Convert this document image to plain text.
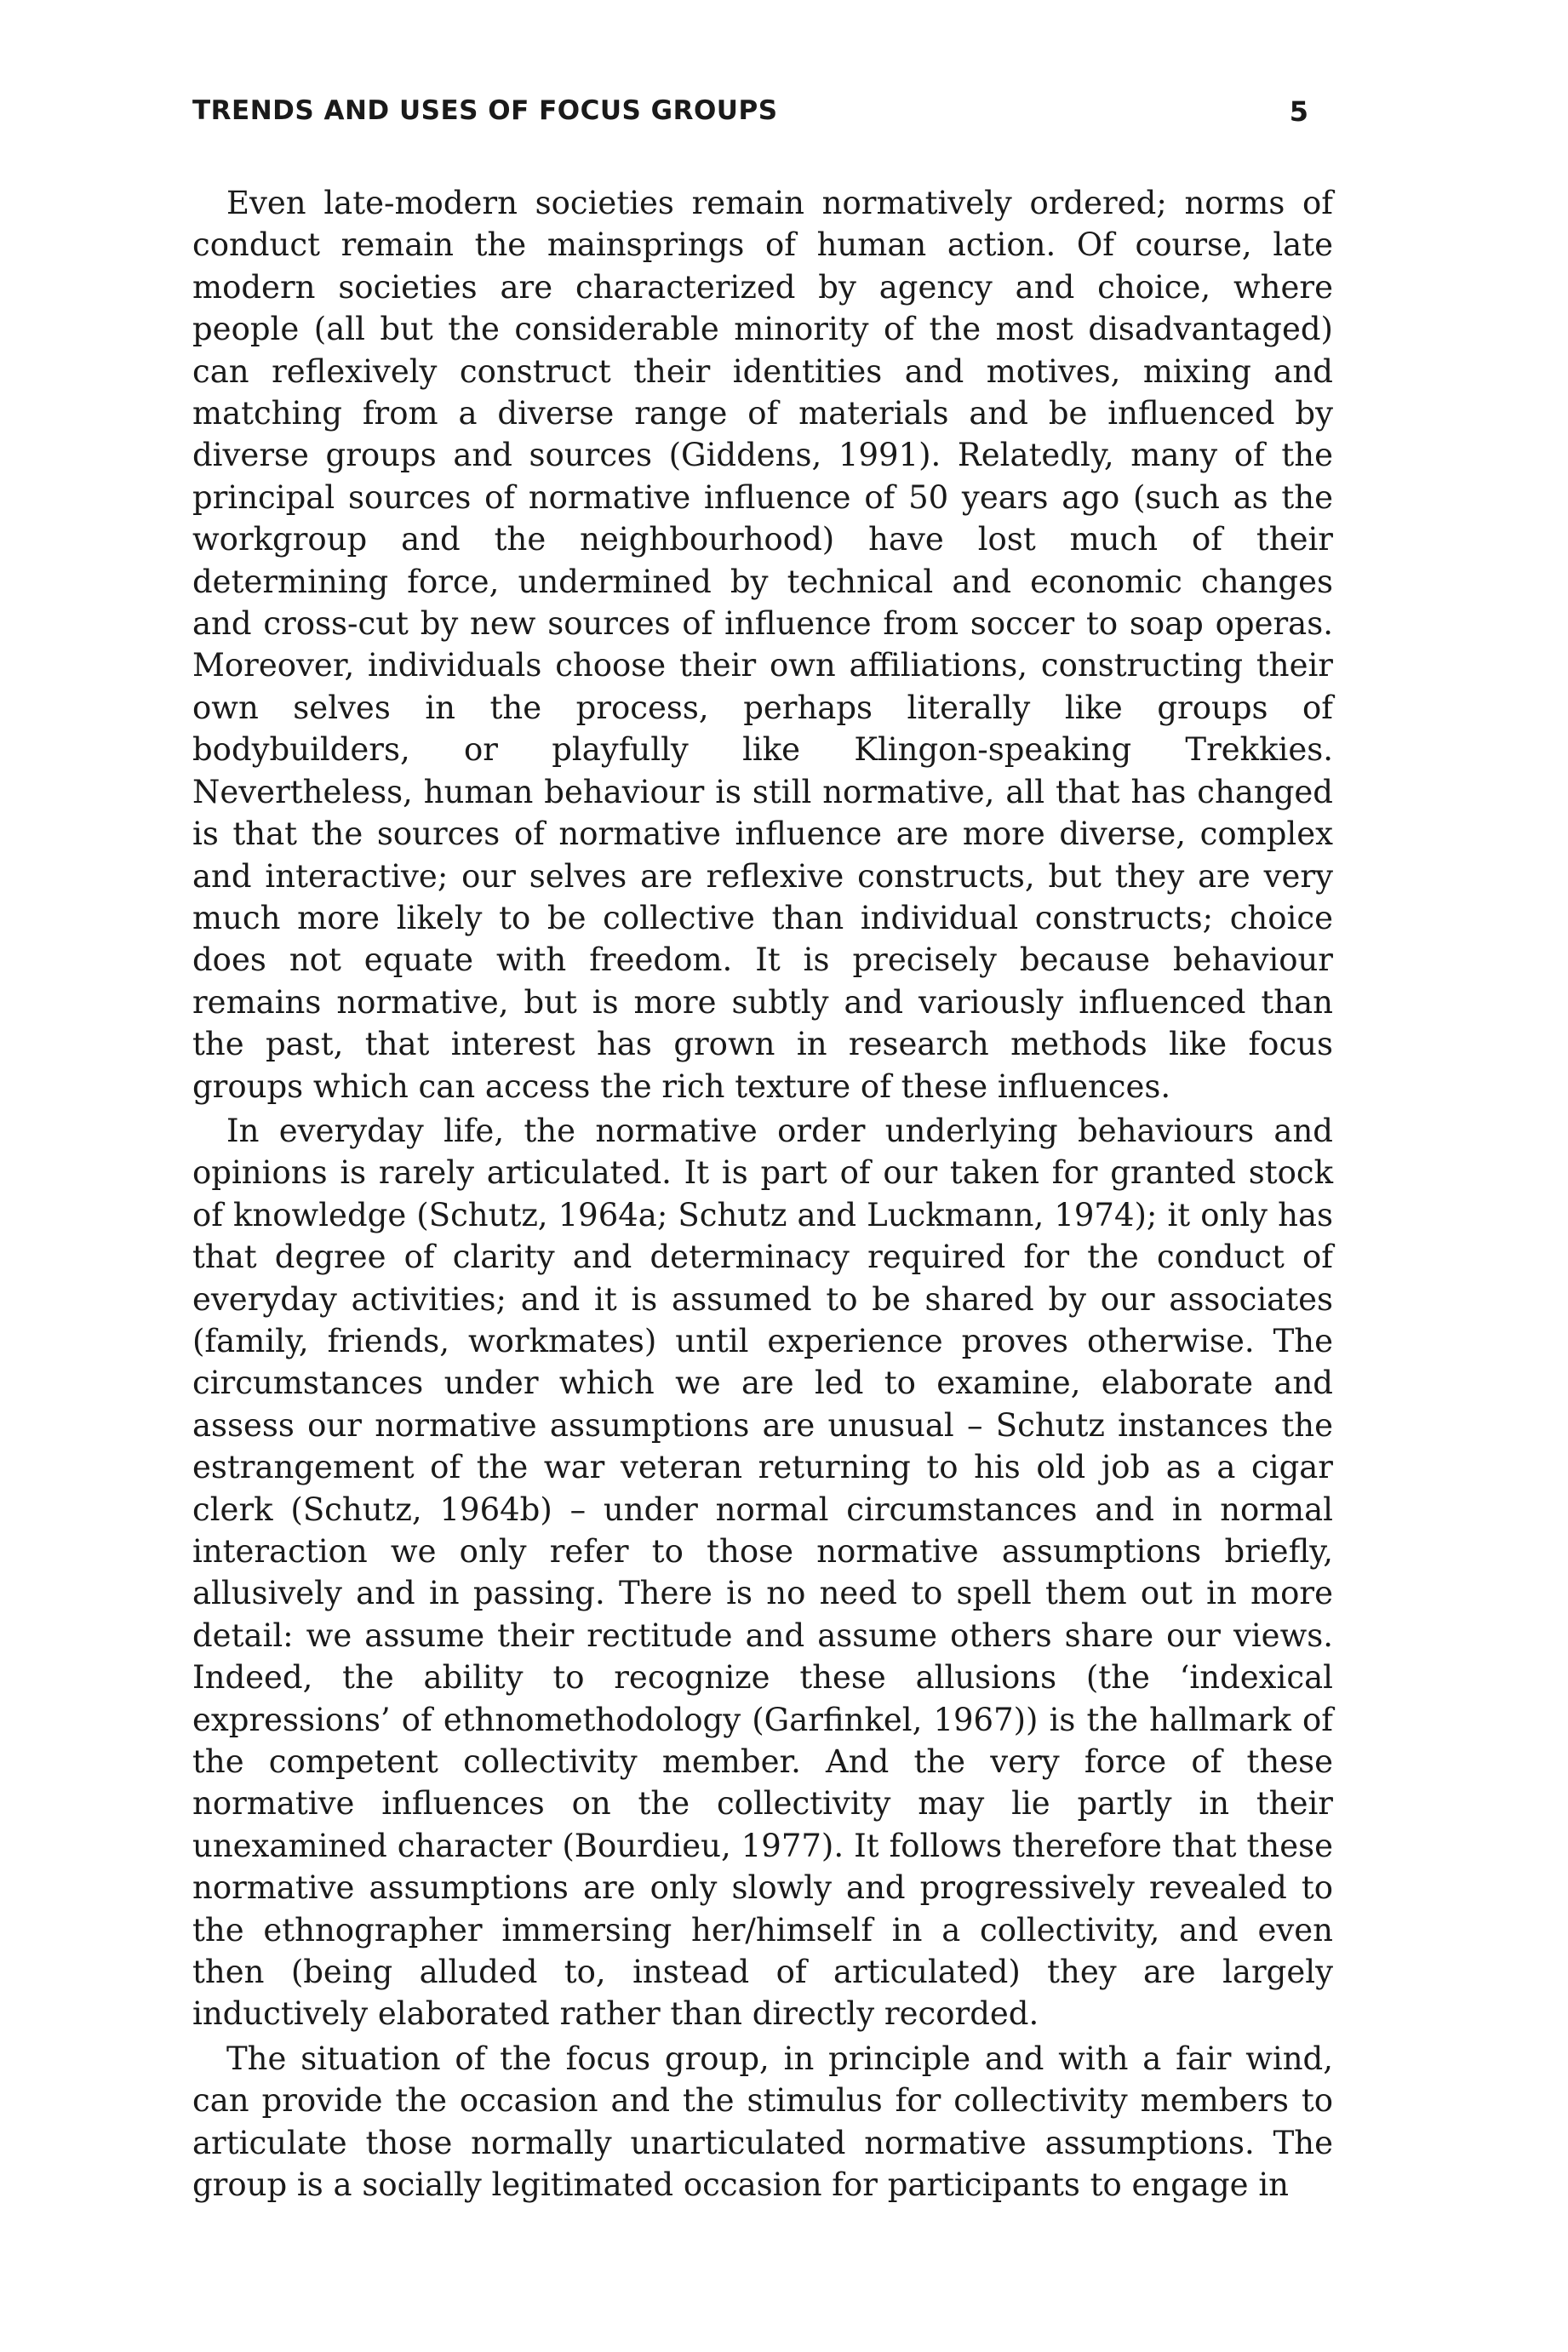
TRENDS AND USES OF FOCUS GROUPS	5

Even late-modern societies remain normatively ordered; norms of conduct remain the mainsprings of human action. Of course, late modern societies are characterized by agency and choice, where people (all but the considerable minority of the most disadvantaged) can reflexively construct their identities and motives, mixing and matching from a diverse range of materials and be influenced by diverse groups and sources (Giddens, 1991). Relatedly, many of the principal sources of normative influence of 50 years ago (such as the workgroup and the neighbourhood) have lost much of their determining force, undermined by technical and economic changes and cross-cut by new sources of influence from soccer to soap operas. Moreover, individuals choose their own affiliations, constructing their own selves in the process, perhaps literally like groups of bodybuilders, or playfully like Klingon-speaking Trekkies. Nevertheless, human behaviour is still normative, all that has changed is that the sources of normative influence are more diverse, complex and interactive; our selves are reflexive constructs, but they are very much more likely to be collective than individual constructs; choice does not equate with freedom. It is precisely because behaviour remains normative, but is more subtly and variously influenced than the past, that interest has grown in research methods like focus groups which can access the rich texture of these influences.

In everyday life, the normative order underlying behaviours and opinions is rarely articulated. It is part of our taken for granted stock of knowledge (Schutz, 1964a; Schutz and Luckmann, 1974); it only has that degree of clarity and determinacy required for the conduct of everyday activities; and it is assumed to be shared by our associates (family, friends, workmates) until experience proves otherwise. The circumstances under which we are led to examine, elaborate and assess our normative assumptions are unusual – Schutz instances the estrangement of the war veteran returning to his old job as a cigar clerk (Schutz, 1964b) – under normal circumstances and in normal interaction we only refer to those normative assumptions briefly, allusively and in passing. There is no need to spell them out in more detail: we assume their rectitude and assume others share our views. Indeed, the ability to recognize these allusions (the ‘indexical expressions’ of ethnomethodology (Garfinkel, 1967)) is the hallmark of the competent collectivity member. And the very force of these normative influences on the collectivity may lie partly in their unexamined character (Bourdieu, 1977). It follows therefore that these normative assumptions are only slowly and progressively revealed to the ethnographer immersing her/himself in a collectivity, and even then (being alluded to, instead of articulated) they are largely inductively elaborated rather than directly recorded.

The situation of the focus group, in principle and with a fair wind, can provide the occasion and the stimulus for collectivity members to articulate those normally unarticulated normative assumptions. The group is a socially legitimated occasion for participants to engage in
